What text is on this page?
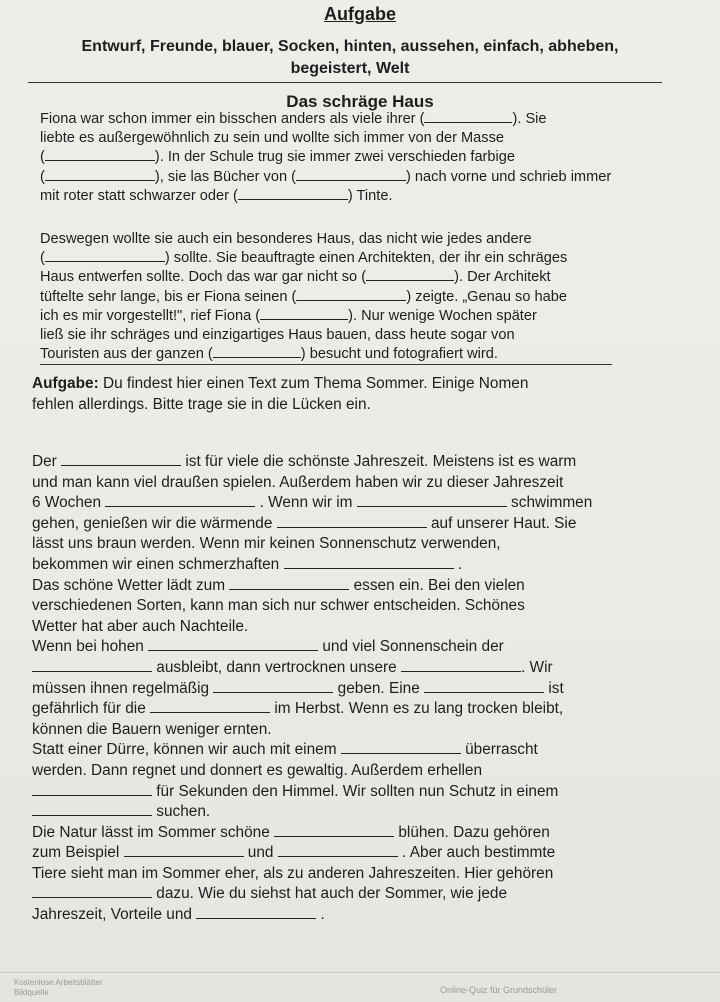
Aufgabe
Entwurf, Freunde, blauer, Socken, hinten, aussehen, einfach, abheben,
begeistert, Welt
Das schräge Haus
Fiona war schon immer ein bisschen anders als viele ihrer (	). Sie
liebte es außergewöhnlich zu sein und wollte sich immer von der Masse
(	). In der Schule trug sie immer zwei verschieden farbige
(	), sie las Bücher von (	) nach vorne und schrieb immer
mit roter statt schwarzer oder (	) Tinte.
Deswegen wollte sie auch ein besonderes Haus, das nicht wie jedes andere
(	) sollte. Sie beauftragte einen Architekten, der ihr ein schräges
Haus entwerfen sollte. Doch das war gar nicht so (	). Der Architekt
tüftelte sehr lange, bis er Fiona seinen (	) zeigte. „Genau so habe
ich es mir vorgestellt!", rief Fiona (	). Nur wenige Wochen später
ließ sie ihr schräges und einzigartiges Haus bauen, dass heute sogar von
Touristen aus der ganzen (	) besucht und fotografiert wird.
Aufgabe: Du findest hier einen Text zum Thema Sommer. Einige Nomen
fehlen allerdings. Bitte trage sie in die Lücken ein.
Der	ist für viele die schönste Jahreszeit. Meistens ist es warm
und man kann viel draußen spielen. Außerdem haben wir zu dieser Jahreszeit
6 Wochen	. Wenn wir im	schwimmen
gehen, genießen wir die wärmende	auf unserer Haut. Sie
lässt uns braun werden. Wenn mir keinen Sonnenschutz verwenden,
bekommen wir einen schmerzhaften	.
Das schöne Wetter lädt zum	essen ein. Bei den vielen
verschiedenen Sorten, kann man sich nur schwer entscheiden. Schönes
Wetter hat aber auch Nachteile.
Wenn bei hohen	und viel Sonnenschein der
ausbleibt, dann vertrocknen unsere	. Wir
müssen ihnen regelmäßig	geben. Eine	ist
gefährlich für die	im Herbst. Wenn es zu lang trocken bleibt,
können die Bauern weniger ernten.
Statt einer Dürre, können wir auch mit einem	überrascht
werden. Dann regnet und donnert es gewaltig. Außerdem erhellen
für Sekunden den Himmel. Wir sollten nun Schutz in einem
suchen.
Die Natur lässt im Sommer schöne	blühen. Dazu gehören
zum Beispiel	und	. Aber auch bestimmte
Tiere sieht man im Sommer eher, als zu anderen Jahreszeiten. Hier gehören
dazu. Wie du siehst hat auch der Sommer, wie jede
Jahreszeit, Vorteile und	.
Kostenlose Arbeitsblätter
Bildquelle	Online-Quiz für Grundschüler
